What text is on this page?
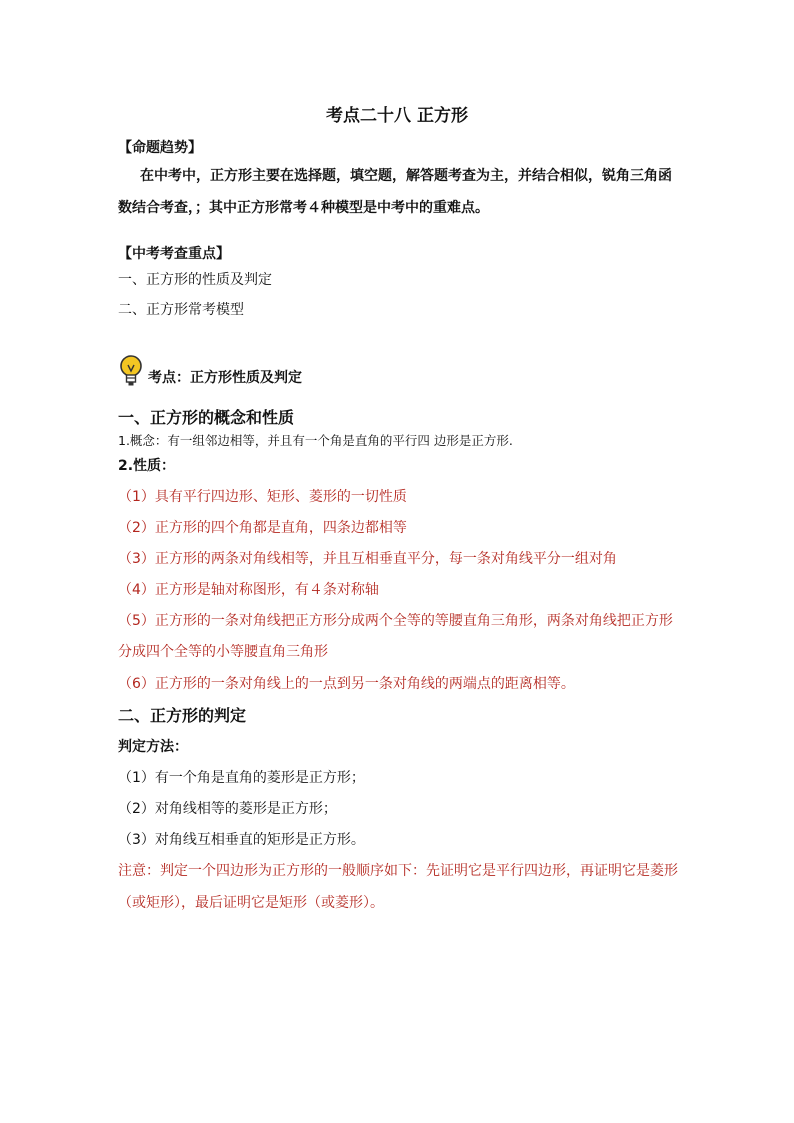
考点二十八 正方形
【命题趋势】
在中考中，正方形主要在选择题，填空题，解答题考查为主，并结合相似，锐角三角函
数结合考查，；其中正方形常考４种模型是中考中的重难点。
【中考考查重点】
一、正方形的性质及判定
二、正方形常考模型
考点：正方形性质及判定
一、正方形的概念和性质
1.概念：有一组邻边相等，并且有一个角是直角的平行四 边形是正方形.
2.性质：
（1）具有平行四边形、矩形、菱形的一切性质
（2）正方形的四个角都是直角，四条边都相等
（3）正方形的两条对角线相等，并且互相垂直平分，每一条对角线平分一组对角
（4）正方形是轴对称图形，有４条对称轴
（5）正方形的一条对角线把正方形分成两个全等的等腰直角三角形，两条对角线把正方形
分成四个全等的小等腰直角三角形
（6）正方形的一条对角线上的一点到另一条对角线的两端点的距离相等。
二、正方形的判定
判定方法：
（1）有一个角是直角的菱形是正方形；
（2）对角线相等的菱形是正方形；
（3）对角线互相垂直的矩形是正方形。
注意：判定一个四边形为正方形的一般顺序如下：先证明它是平行四边形，再证明它是菱形
（或矩形），最后证明它是矩形（或菱形）。
